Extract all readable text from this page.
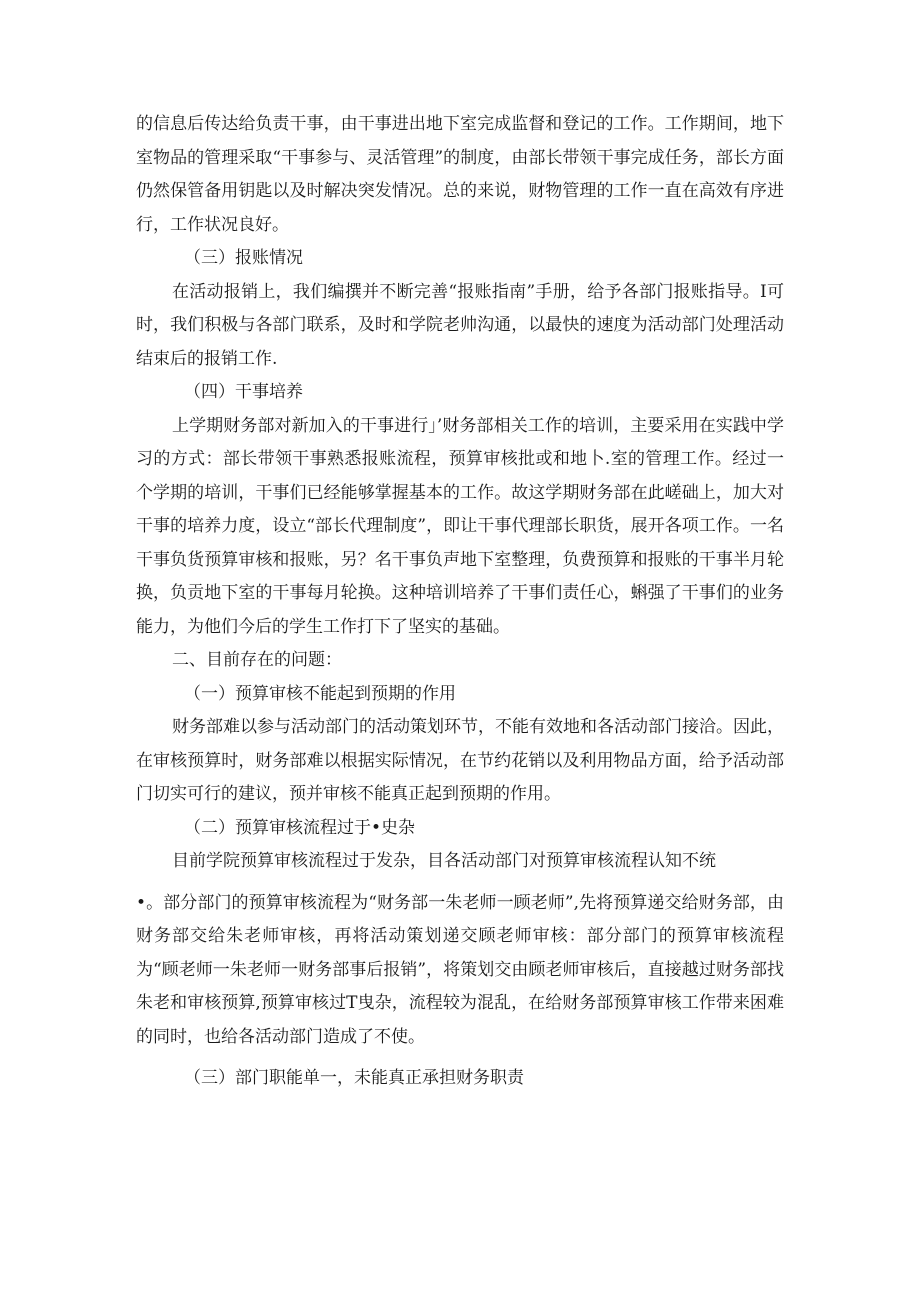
的信息后传达给负责干事，由干事进出地下室完成监督和登记的工作。工作期间，地下室物品的管理采取“干事参与、灵活管理”的制度，由部长带领干事完成任务，部长方面仍然保管备用钥匙以及时解决突发情况。总的来说，财物管理的工作一直在高效有序进行，工作状况良好。

（三）报账情况

在活动报销上，我们编撰并不断完善“报账指南”手册，给予各部门报账指导。I可时，我们积极与各部门联系，及时和学院老帅沟通，以最快的速度为活动部门处理活动结束后的报销工作.

（四）干事培养

上学期财务部对新加入的干事进行」’财务部相关工作的培训，主要采用在实践中学习的方式：部长带领干事熟悉报账流程，预算审核批或和地卜.室的管理工作。经过一个学期的培训，干事们已经能够掌握基本的工作。故这学期财务部在此嵯础上，加大对干事的培养力度，设立“部长代理制度”，即让干事代理部长职货，展开各项工作。一名干事负货预算审核和报账，另？名干事负声地下室整理，负费预算和报账的干事半月轮换，负贡地下室的干事每月轮换。这种培训培养了干事们责任心，蝌强了干事们的业务能力，为他们今后的学生工作打下了坚实的基础。

二、目前存在的问题：

（一）预算审核不能起到预期的作用

财务部难以参与活动部门的活动策划环节，不能有效地和各活动部门接洽。因此，在审核预算时，财务部难以根据实际情况，在节约花销以及利用物品方面，给予活动部门切实可行的建议，预并审核不能真正起到预期的作用。

（二）预算审核流程过于•史杂

目前学院预算审核流程过于发杂，目各活动部门对预算审核流程认知不统

•。部分部门的预算审核流程为“财务部一朱老师一顾老师”,先将预算递交给财务部，由财务部交给朱老师审核，再将活动策划递交顾老师审核：部分部门的预算审核流程为“顾老师一朱老师一财务部事后报销”，将策划交由顾老师审核后，直接越过财务部找朱老和审核预算,预算审核过T曳杂，流程较为混乱，在给财务部预算审核工作带来困难的同时，也给各活动部门造成了不使。

（三）部门职能单一，未能真正承担财务职责
